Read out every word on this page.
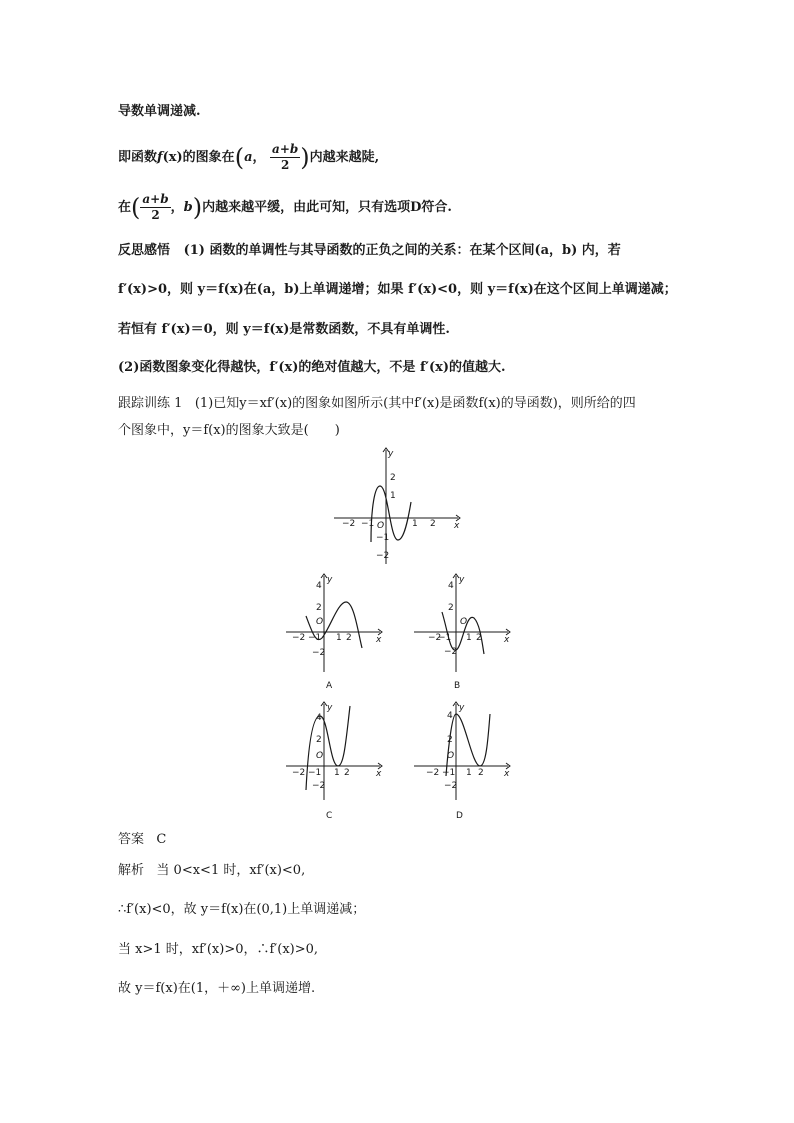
导数单调递减.
即函数f(x)的图象在(a， $\frac{a+b}{2}$ )内越来越陡,
在( $\frac{a+b}{2}$ ，b)内越来越平缓，由此可知，只有选项D符合.
反思感悟 (1) 函数的单调性与其导函数的正负之间的关系：在某个区间(a，b) 内，若
f′(x)>0，则 y＝f(x)在(a，b)上单调递增；如果 f′(x)<0，则 y＝f(x)在这个区间上单调递减；
若恒有 f′(x)＝0，则 y＝f(x)是常数函数，不具有单调性.
(2)函数图象变化得越快，f′(x)的绝对值越大，不是 f′(x)的值越大.
跟踪训练 1 (1)已知y＝xf′(x)的图象如图所示(其中f′(x)是函数f(x)的导函数)，则所给的四
个图象中，y＝f(x)的图象大致是(　　)
y
x
O
−2 −1	1 2
2
1
−1
−2
y
x
O
−2 −1 1 2
4
2
−2
A
y
x
O
−2
−1 1 2
4
2
−2
B
y
x
O
−2 −1 1 2
4
2
−2
C
y
x
O
−2 −1 1 2
4
2
−2
D
答案 C
解析 当 0<x<1 时，xf′(x)<0,
∴f′(x)<0，故 y＝f(x)在(0,1)上单调递减；
当 x>1 时，xf′(x)>0，∴f′(x)>0,
故 y＝f(x)在(1，＋∞)上单调递增.
